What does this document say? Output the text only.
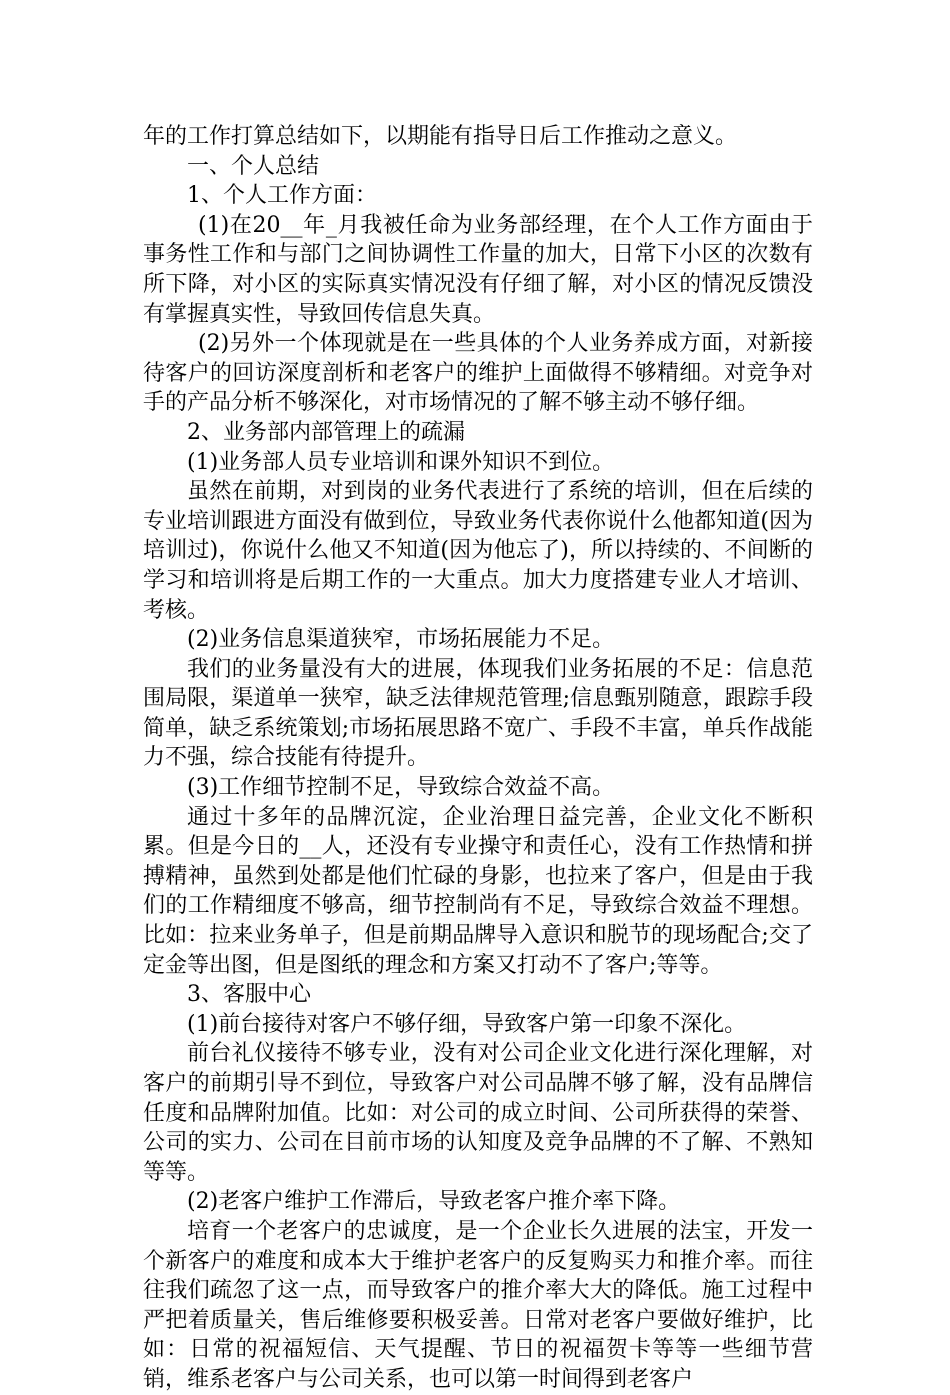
年的工作打算总结如下，以期能有指导日后工作推动之意义。

一、个人总结

1、个人工作方面：

(1)在20__年_月我被任命为业务部经理，在个人工作方面由于事务性工作和与部门之间协调性工作量的加大，日常下小区的次数有所下降，对小区的实际真实情况没有仔细了解，对小区的情况反馈没有掌握真实性，导致回传信息失真。

(2)另外一个体现就是在一些具体的个人业务养成方面，对新接待客户的回访深度剖析和老客户的维护上面做得不够精细。对竞争对手的产品分析不够深化，对市场情况的了解不够主动不够仔细。

2、业务部内部管理上的疏漏

(1)业务部人员专业培训和课外知识不到位。

虽然在前期，对到岗的业务代表进行了系统的培训，但在后续的专业培训跟进方面没有做到位，导致业务代表你说什么他都知道(因为培训过)，你说什么他又不知道(因为他忘了)，所以持续的、不间断的学习和培训将是后期工作的一大重点。加大力度搭建专业人才培训、考核。

(2)业务信息渠道狭窄，市场拓展能力不足。

我们的业务量没有大的进展，体现我们业务拓展的不足：信息范围局限，渠道单一狭窄，缺乏法律规范管理;信息甄别随意，跟踪手段简单，缺乏系统策划;市场拓展思路不宽广、手段不丰富，单兵作战能力不强，综合技能有待提升。

(3)工作细节控制不足，导致综合效益不高。

通过十多年的品牌沉淀，企业治理日益完善，企业文化不断积累。但是今日的__人，还没有专业操守和责任心，没有工作热情和拼搏精神，虽然到处都是他们忙碌的身影，也拉来了客户，但是由于我们的工作精细度不够高，细节控制尚有不足，导致综合效益不理想。比如：拉来业务单子，但是前期品牌导入意识和脱节的现场配合;交了定金等出图，但是图纸的理念和方案又打动不了客户;等等。

3、客服中心

(1)前台接待对客户不够仔细，导致客户第一印象不深化。

前台礼仪接待不够专业，没有对公司企业文化进行深化理解，对客户的前期引导不到位，导致客户对公司品牌不够了解，没有品牌信任度和品牌附加值。比如：对公司的成立时间、公司所获得的荣誉、公司的实力、公司在目前市场的认知度及竞争品牌的不了解、不熟知等等。

(2)老客户维护工作滞后，导致老客户推介率下降。

培育一个老客户的忠诚度，是一个企业长久进展的法宝，开发一个新客户的难度和成本大于维护老客户的反复购买力和推介率。而往往我们疏忽了这一点，而导致客户的推介率大大的降低。施工过程中严把着质量关，售后维修要积极妥善。日常对老客户要做好维护，比如：日常的祝福短信、天气提醒、节日的祝福贺卡等等一些细节营销，维系老客户与公司关系，也可以第一时间得到老客户
